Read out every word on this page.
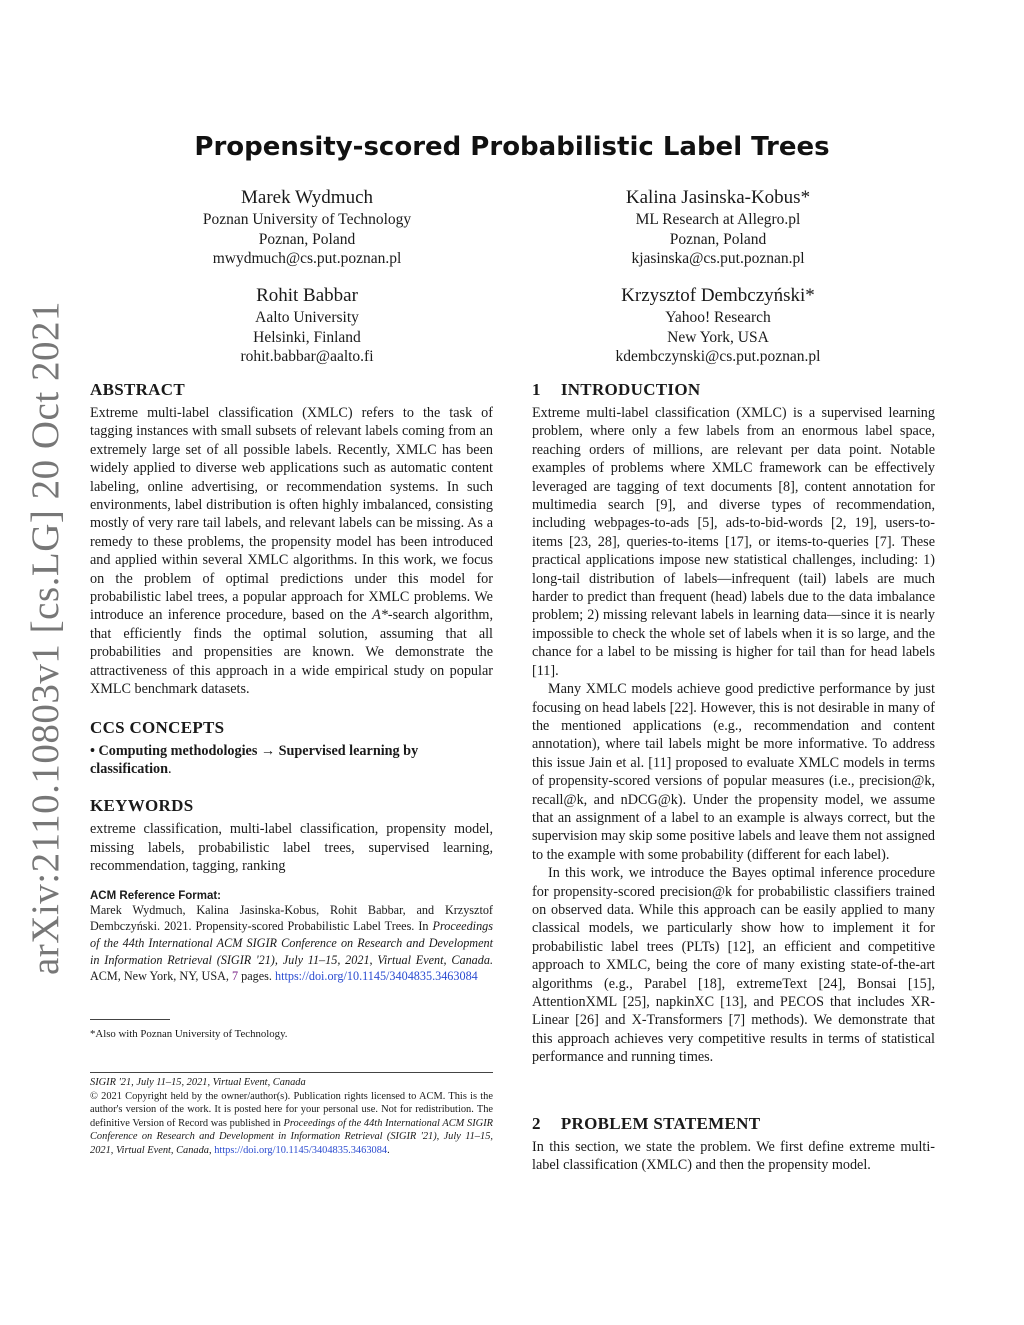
arXiv:2110.10803v1 [cs.LG] 20 Oct 2021
Propensity-scored Probabilistic Label Trees
Marek Wydmuch
Poznan University of Technology
Poznan, Poland
mwydmuch@cs.put.poznan.pl
Kalina Jasinska-Kobus*
ML Research at Allegro.pl
Poznan, Poland
kjasinska@cs.put.poznan.pl
Rohit Babbar
Aalto University
Helsinki, Finland
rohit.babbar@aalto.fi
Krzysztof Dembczyński*
Yahoo! Research
New York, USA
kdembczynski@cs.put.poznan.pl
ABSTRACT

Extreme multi-label classification (XMLC) refers to the task of tagging instances with small subsets of relevant labels coming from an extremely large set of all possible labels. Recently, XMLC has been widely applied to diverse web applications such as automatic content labeling, online advertising, or recommendation systems. In such environments, label distribution is often highly imbalanced, consisting mostly of very rare tail labels, and relevant labels can be missing. As a remedy to these problems, the propensity model has been introduced and applied within several XMLC algorithms. In this work, we focus on the problem of optimal predictions under this model for probabilistic label trees, a popular approach for XMLC problems. We introduce an inference procedure, based on the A*-search algorithm, that efficiently finds the optimal solution, assuming that all probabilities and propensities are known. We demonstrate the attractiveness of this approach in a wide empirical study on popular XMLC benchmark datasets.

CCS CONCEPTS
• Computing methodologies → Supervised learning by classification.
KEYWORDS

extreme classification, multi-label classification, propensity model, missing labels, probabilistic label trees, supervised learning, recommendation, tagging, ranking

ACM Reference Format:
Marek Wydmuch, Kalina Jasinska-Kobus, Rohit Babbar, and Krzysztof Dembczyński. 2021. Propensity-scored Probabilistic Label Trees. In Proceedings of the 44th International ACM SIGIR Conference on Research and Development in Information Retrieval (SIGIR '21), July 11–15, 2021, Virtual Event, Canada. ACM, New York, NY, USA, 7 pages. https://doi.org/10.1145/3404835.3463084
*Also with Poznan University of Technology.
SIGIR '21, July 11–15, 2021, Virtual Event, Canada
© 2021 Copyright held by the owner/author(s). Publication rights licensed to ACM. This is the author's version of the work. It is posted here for your personal use. Not for redistribution. The definitive Version of Record was published in Proceedings of the 44th International ACM SIGIR Conference on Research and Development in Information Retrieval (SIGIR '21), July 11–15, 2021, Virtual Event, Canada, https://doi.org/10.1145/3404835.3463084.
1 INTRODUCTION

Extreme multi-label classification (XMLC) is a supervised learning problem, where only a few labels from an enormous label space, reaching orders of millions, are relevant per data point. Notable examples of problems where XMLC framework can be effectively leveraged are tagging of text documents [8], content annotation for multimedia search [9], and diverse types of recommendation, including webpages-to-ads [5], ads-to-bid-words [2, 19], users-to-items [23, 28], queries-to-items [17], or items-to-queries [7]. These practical applications impose new statistical challenges, including: 1) long-tail distribution of labels—infrequent (tail) labels are much harder to predict than frequent (head) labels due to the data imbalance problem; 2) missing relevant labels in learning data—since it is nearly impossible to check the whole set of labels when it is so large, and the chance for a label to be missing is higher for tail than for head labels [11].

Many XMLC models achieve good predictive performance by just focusing on head labels [22]. However, this is not desirable in many of the mentioned applications (e.g., recommendation and content annotation), where tail labels might be more informative. To address this issue Jain et al. [11] proposed to evaluate XMLC models in terms of propensity-scored versions of popular measures (i.e., precision@k, recall@k, and nDCG@k). Under the propensity model, we assume that an assignment of a label to an example is always correct, but the supervision may skip some positive labels and leave them not assigned to the example with some probability (different for each label).

In this work, we introduce the Bayes optimal inference procedure for propensity-scored precision@k for probabilistic classifiers trained on observed data. While this approach can be easily applied to many classical models, we particularly show how to implement it for probabilistic label trees (PLTs) [12], an efficient and competitive approach to XMLC, being the core of many existing state-of-the-art algorithms (e.g., Parabel [18], extremeText [24], Bonsai [15], AttentionXML [25], napkinXC [13], and PECOS that includes XR-Linear [26] and X-Transformers [7] methods). We demonstrate that this approach achieves very competitive results in terms of statistical performance and running times.

2 PROBLEM STATEMENT

In this section, we state the problem. We first define extreme multi-label classification (XMLC) and then the propensity model.
